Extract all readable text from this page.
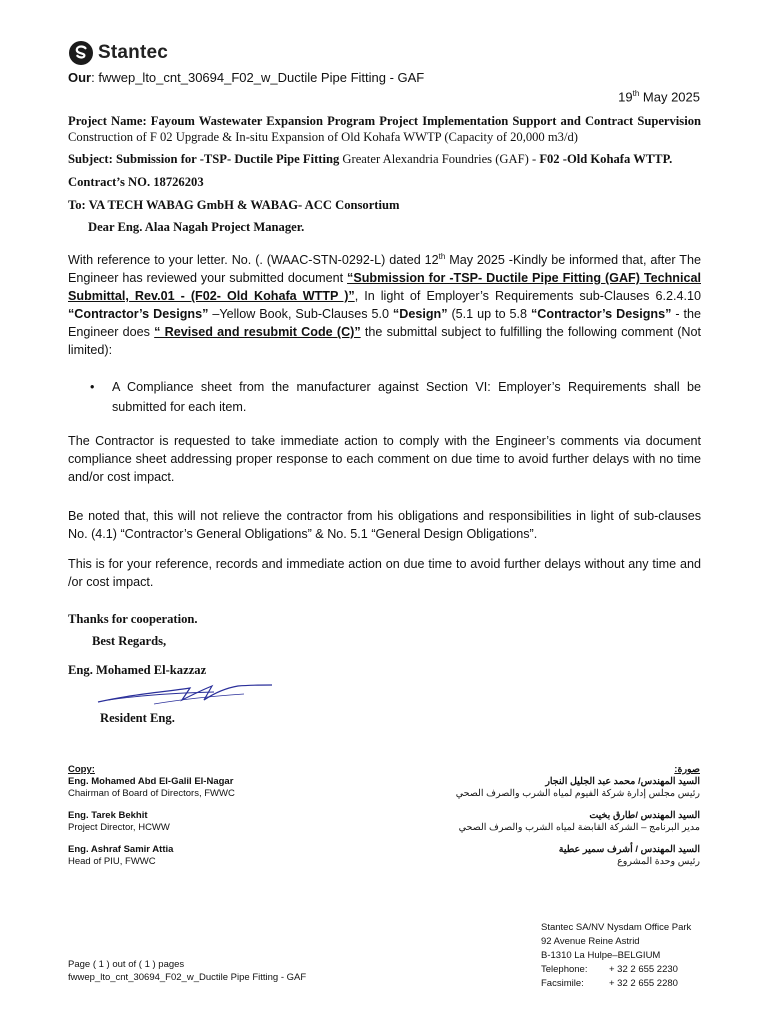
Stantec
Our: fwwep_lto_cnt_30694_F02_w_Ductile Pipe Fitting - GAF
19th May 2025
Project Name: Fayoum Wastewater Expansion Program Project Implementation Support and Contract Supervision Construction of F 02 Upgrade & In-situ Expansion of Old Kohafa WWTP (Capacity of 20,000 m3/d)
Subject: Submission for -TSP- Ductile Pipe Fitting Greater Alexandria Foundries (GAF) - F02 -Old Kohafa WTTP.
Contract’s NO. 18726203
To: VA TECH WABAG GmbH & WABAG- ACC Consortium
Dear Eng. Alaa Nagah Project Manager.
With reference to your letter. No. (. (WAAC-STN-0292-L) dated 12th May 2025 -Kindly be informed that, after The Engineer has reviewed your submitted document “Submission for -TSP- Ductile Pipe Fitting (GAF) Technical Submittal, Rev.01 - (F02- Old Kohafa WTTP )”, In light of Employer’s Requirements sub-Clauses 6.2.4.10 “Contractor’s Designs” –Yellow Book, Sub-Clauses 5.0 “Design” (5.1 up to 5.8 “Contractor’s Designs” - the Engineer does “ Revised and resubmit Code (C)” the submittal subject to fulfilling the following comment (Not limited):
• A Compliance sheet from the manufacturer against Section VI: Employer’s Requirements shall be submitted for each item.
The Contractor is requested to take immediate action to comply with the Engineer’s comments via document compliance sheet addressing proper response to each comment on due time to avoid further delays with no time and/or cost impact.
Be noted that, this will not relieve the contractor from his obligations and responsibilities in light of sub-clauses No. (4.1) “Contractor’s General Obligations” & No. 5.1 “General Design Obligations”.
This is for your reference, records and immediate action on due time to avoid further delays without any time and /or cost impact.
Thanks for cooperation.
Best Regards,
Eng. Mohamed El-kazzaz
Resident Eng.
Copy:
Eng. Mohamed Abd El-Galil El-Nagar
Chairman of Board of Directors, FWWC
Eng. Tarek Bekhit
Project Director, HCWW
Eng. Ashraf Samir Attia
Head of PIU, FWWC
صورة:
السيد المهندس/ محمد عبد الجليل النجار
رئيس مجلس إدارة شركة الفيوم لمياه الشرب والصرف الصحي
السيد المهندس /طارق بخيت
مدير البرنامج – الشركة القابضة لمياه الشرب والصرف الصحي
السيد المهندس / أشرف سمير عطية
رئيس وحدة المشروع
Stantec SA/NV Nysdam Office Park
92 Avenue Reine Astrid
B-1310 La Hulpe–BELGIUM
Telephone:	+ 32 2 655 2230
Facsimile:	+ 32 2 655 2280
Page ( 1 ) out of ( 1 ) pages
fwwep_lto_cnt_30694_F02_w_Ductile Pipe Fitting - GAF
